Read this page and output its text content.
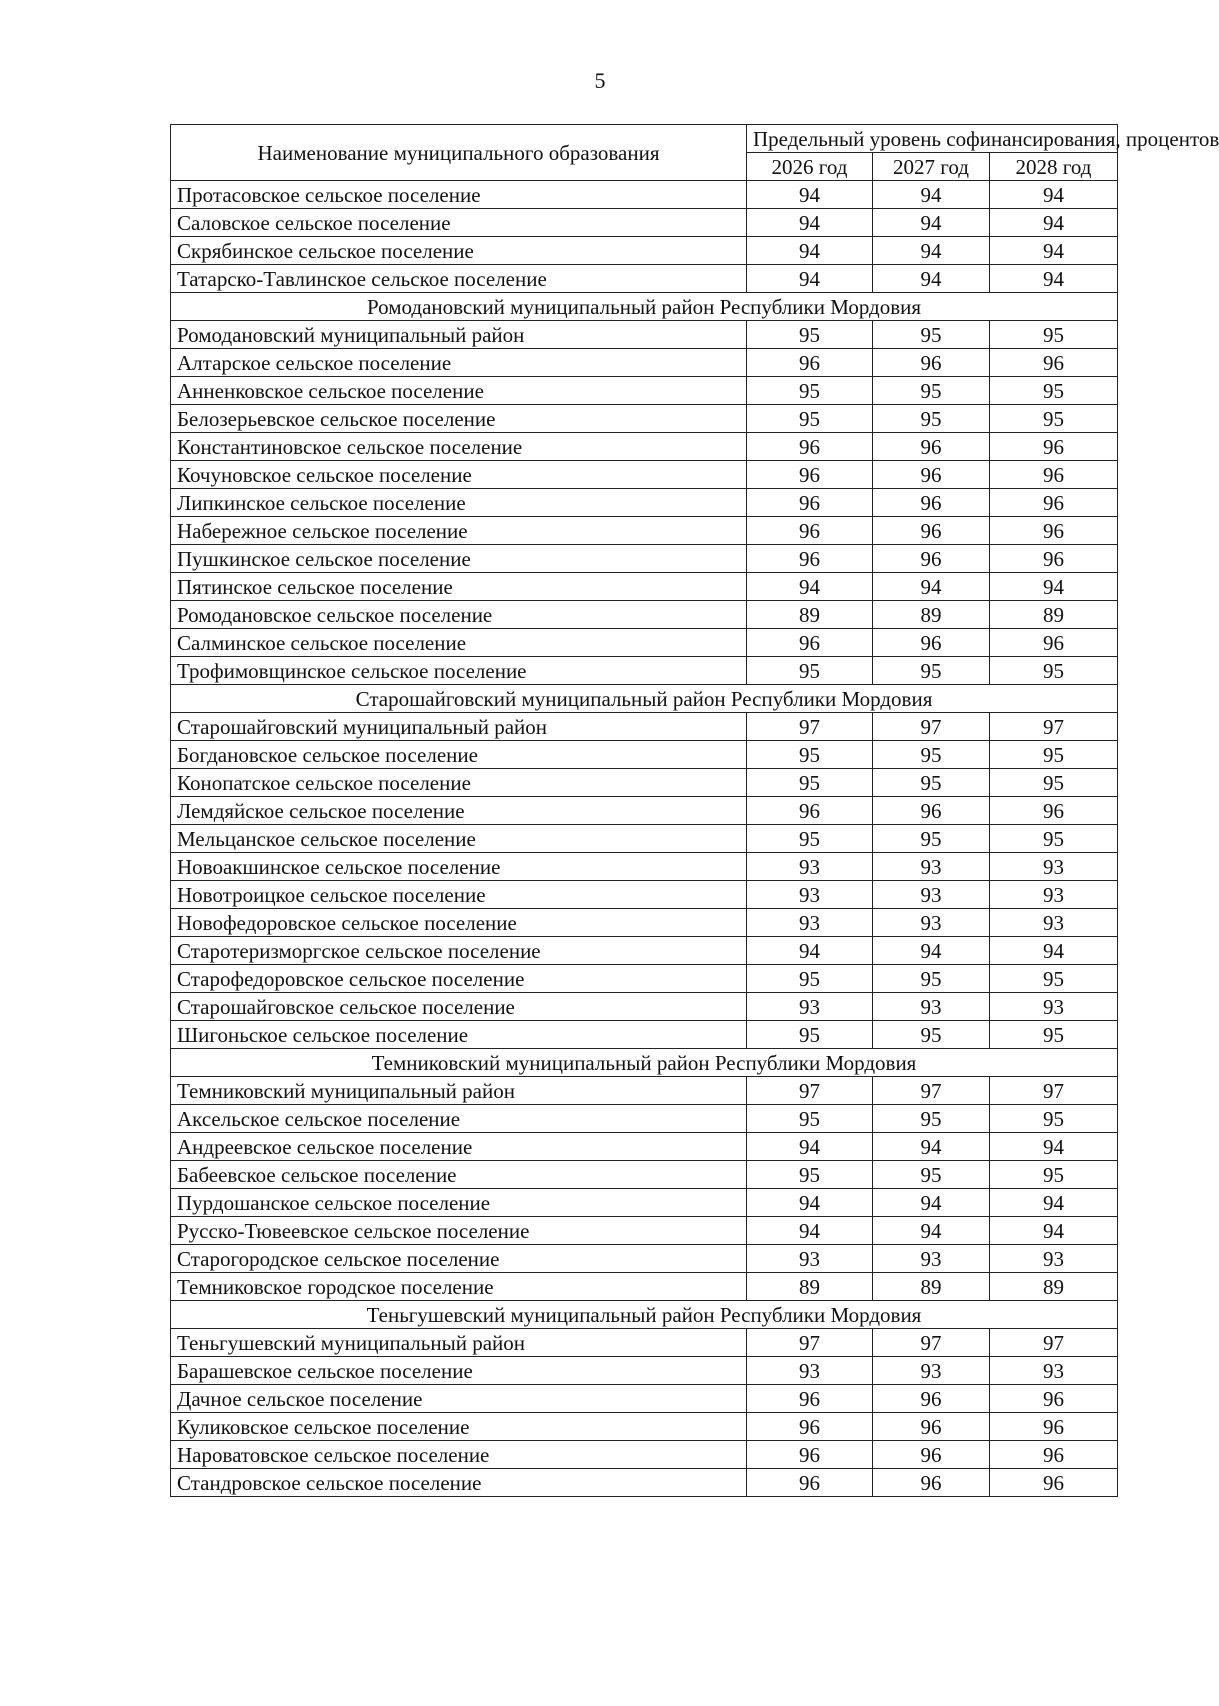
5
Наименование муниципального образования	Предельный уровень софинансирования, процентов		
	2026 год	2027 год	2028 год
Протасовское сельское поселение	94	94	94
Саловское сельское поселение	94	94	94
Скрябинское сельское поселение	94	94	94
Татарско-Тавлинское сельское поселение	94	94	94
Ромодановский муниципальный район Республики Мордовия			
Ромодановский муниципальный район	95	95	95
Алтарское сельское поселение	96	96	96
Анненковское сельское поселение	95	95	95
Белозерьевское сельское поселение	95	95	95
Константиновское сельское поселение	96	96	96
Кочуновское сельское поселение	96	96	96
Липкинское сельское поселение	96	96	96
Набережное сельское поселение	96	96	96
Пушкинское сельское поселение	96	96	96
Пятинское сельское поселение	94	94	94
Ромодановское сельское поселение	89	89	89
Салминское сельское поселение	96	96	96
Трофимовщинское сельское поселение	95	95	95
Старошайговский муниципальный район Республики Мордовия			
Старошайговский муниципальный район	97	97	97
Богдановское сельское поселение	95	95	95
Конопатское сельское поселение	95	95	95
Лемдяйское сельское поселение	96	96	96
Мельцанское сельское поселение	95	95	95
Новоакшинское сельское поселение	93	93	93
Новотроицкое сельское поселение	93	93	93
Новофедоровское сельское поселение	93	93	93
Старотеризморгское сельское поселение	94	94	94
Старофедоровское сельское поселение	95	95	95
Старошайговское сельское поселение	93	93	93
Шигоньское сельское поселение	95	95	95
Темниковский муниципальный район Республики Мордовия			
Темниковский муниципальный район	97	97	97
Аксельское сельское поселение	95	95	95
Андреевское сельское поселение	94	94	94
Бабеевское сельское поселение	95	95	95
Пурдошанское сельское поселение	94	94	94
Русско-Тювеевское сельское поселение	94	94	94
Старогородское сельское поселение	93	93	93
Темниковское городское поселение	89	89	89
Теньгушевский муниципальный район Республики Мордовия			
Теньгушевский муниципальный район	97	97	97
Барашевское сельское поселение	93	93	93
Дачное сельское поселение	96	96	96
Куликовское сельское поселение	96	96	96
Нароватовское сельское поселение	96	96	96
Стандровское сельское поселение	96	96	96
